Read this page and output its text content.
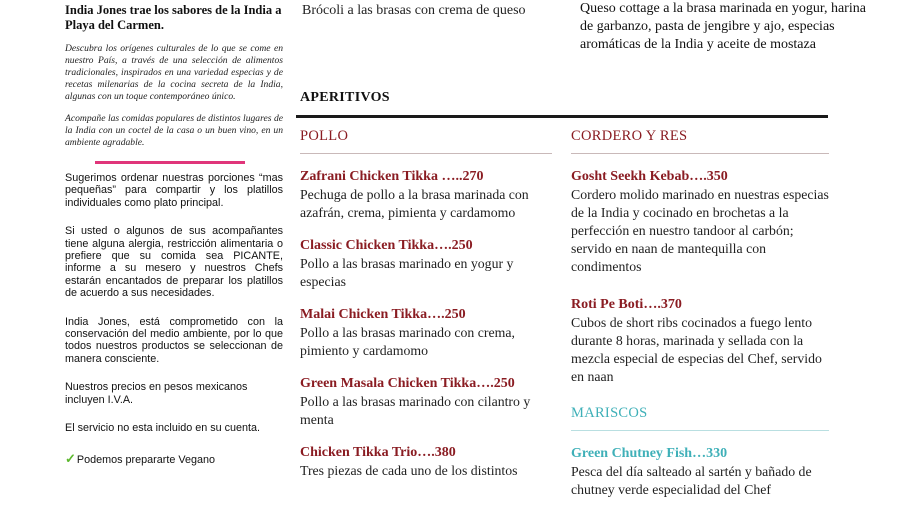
India Jones trae los sabores de la India a Playa del Carmen.

Descubra los orígenes culturales de lo que se come en nuestro País, a través de una selección de alimentos tradicionales, inspirados en una variedad especias y de recetas milenarias de la cocina secreta de la India, algunas con un toque contemporáneo único.

Acompañe las comidas populares de distintos lugares de la India con un coctel de la casa o un buen vino, en un ambiente agradable.

Sugerimos ordenar nuestras porciones “mas pequeñas” para compartir y los platillos individuales como plato principal.

Si usted o algunos de sus acompañantes tiene alguna alergia, restricción alimentaria o prefiere que su comida sea PICANTE, informe a su mesero y nuestros Chefs estarán encantados de preparar los platillos de acuerdo a sus necesidades.

India Jones, está comprometido con la conservación del medio ambiente, por lo que todos nuestros productos se seleccionan de manera consciente.

Nuestros precios en pesos mexicanos incluyen I.V.A.

El servicio no esta incluido en su cuenta.

✓Podemos prepararte Vegano
Brócoli a las brasas con crema de queso	Queso cottage a la brasa marinada en yogur, harina de garbanzo, pasta de jengibre y ajo, especias aromáticas de la India y aceite de mostaza
APERITIVOS
POLLO
Zafrani Chicken Tikka …..270
Pechuga de pollo a la brasa marinada con azafrán, crema, pimienta y cardamomo
Classic Chicken Tikka….250
Pollo a las brasas marinado en yogur y especias
Malai Chicken Tikka….250
Pollo a las brasas marinado con crema, pimiento y cardamomo
Green Masala Chicken Tikka….250
Pollo a las brasas marinado con cilantro y menta
Chicken Tikka Trio….380
Tres piezas de cada uno de los distintos
CORDERO Y RES
Gosht Seekh Kebab….350
Cordero molido marinado en nuestras especias de la India y cocinado en brochetas a la perfección en nuestro tandoor al carbón; servido en naan de mantequilla con condimentos
Roti Pe Boti….370
Cubos de short ribs cocinados a fuego lento durante 8 horas, marinada y sellada con la mezcla especial de especias del Chef, servido en naan
MARISCOS
Green Chutney Fish…330
Pesca del día salteado al sartén y bañado de chutney verde especialidad del Chef
